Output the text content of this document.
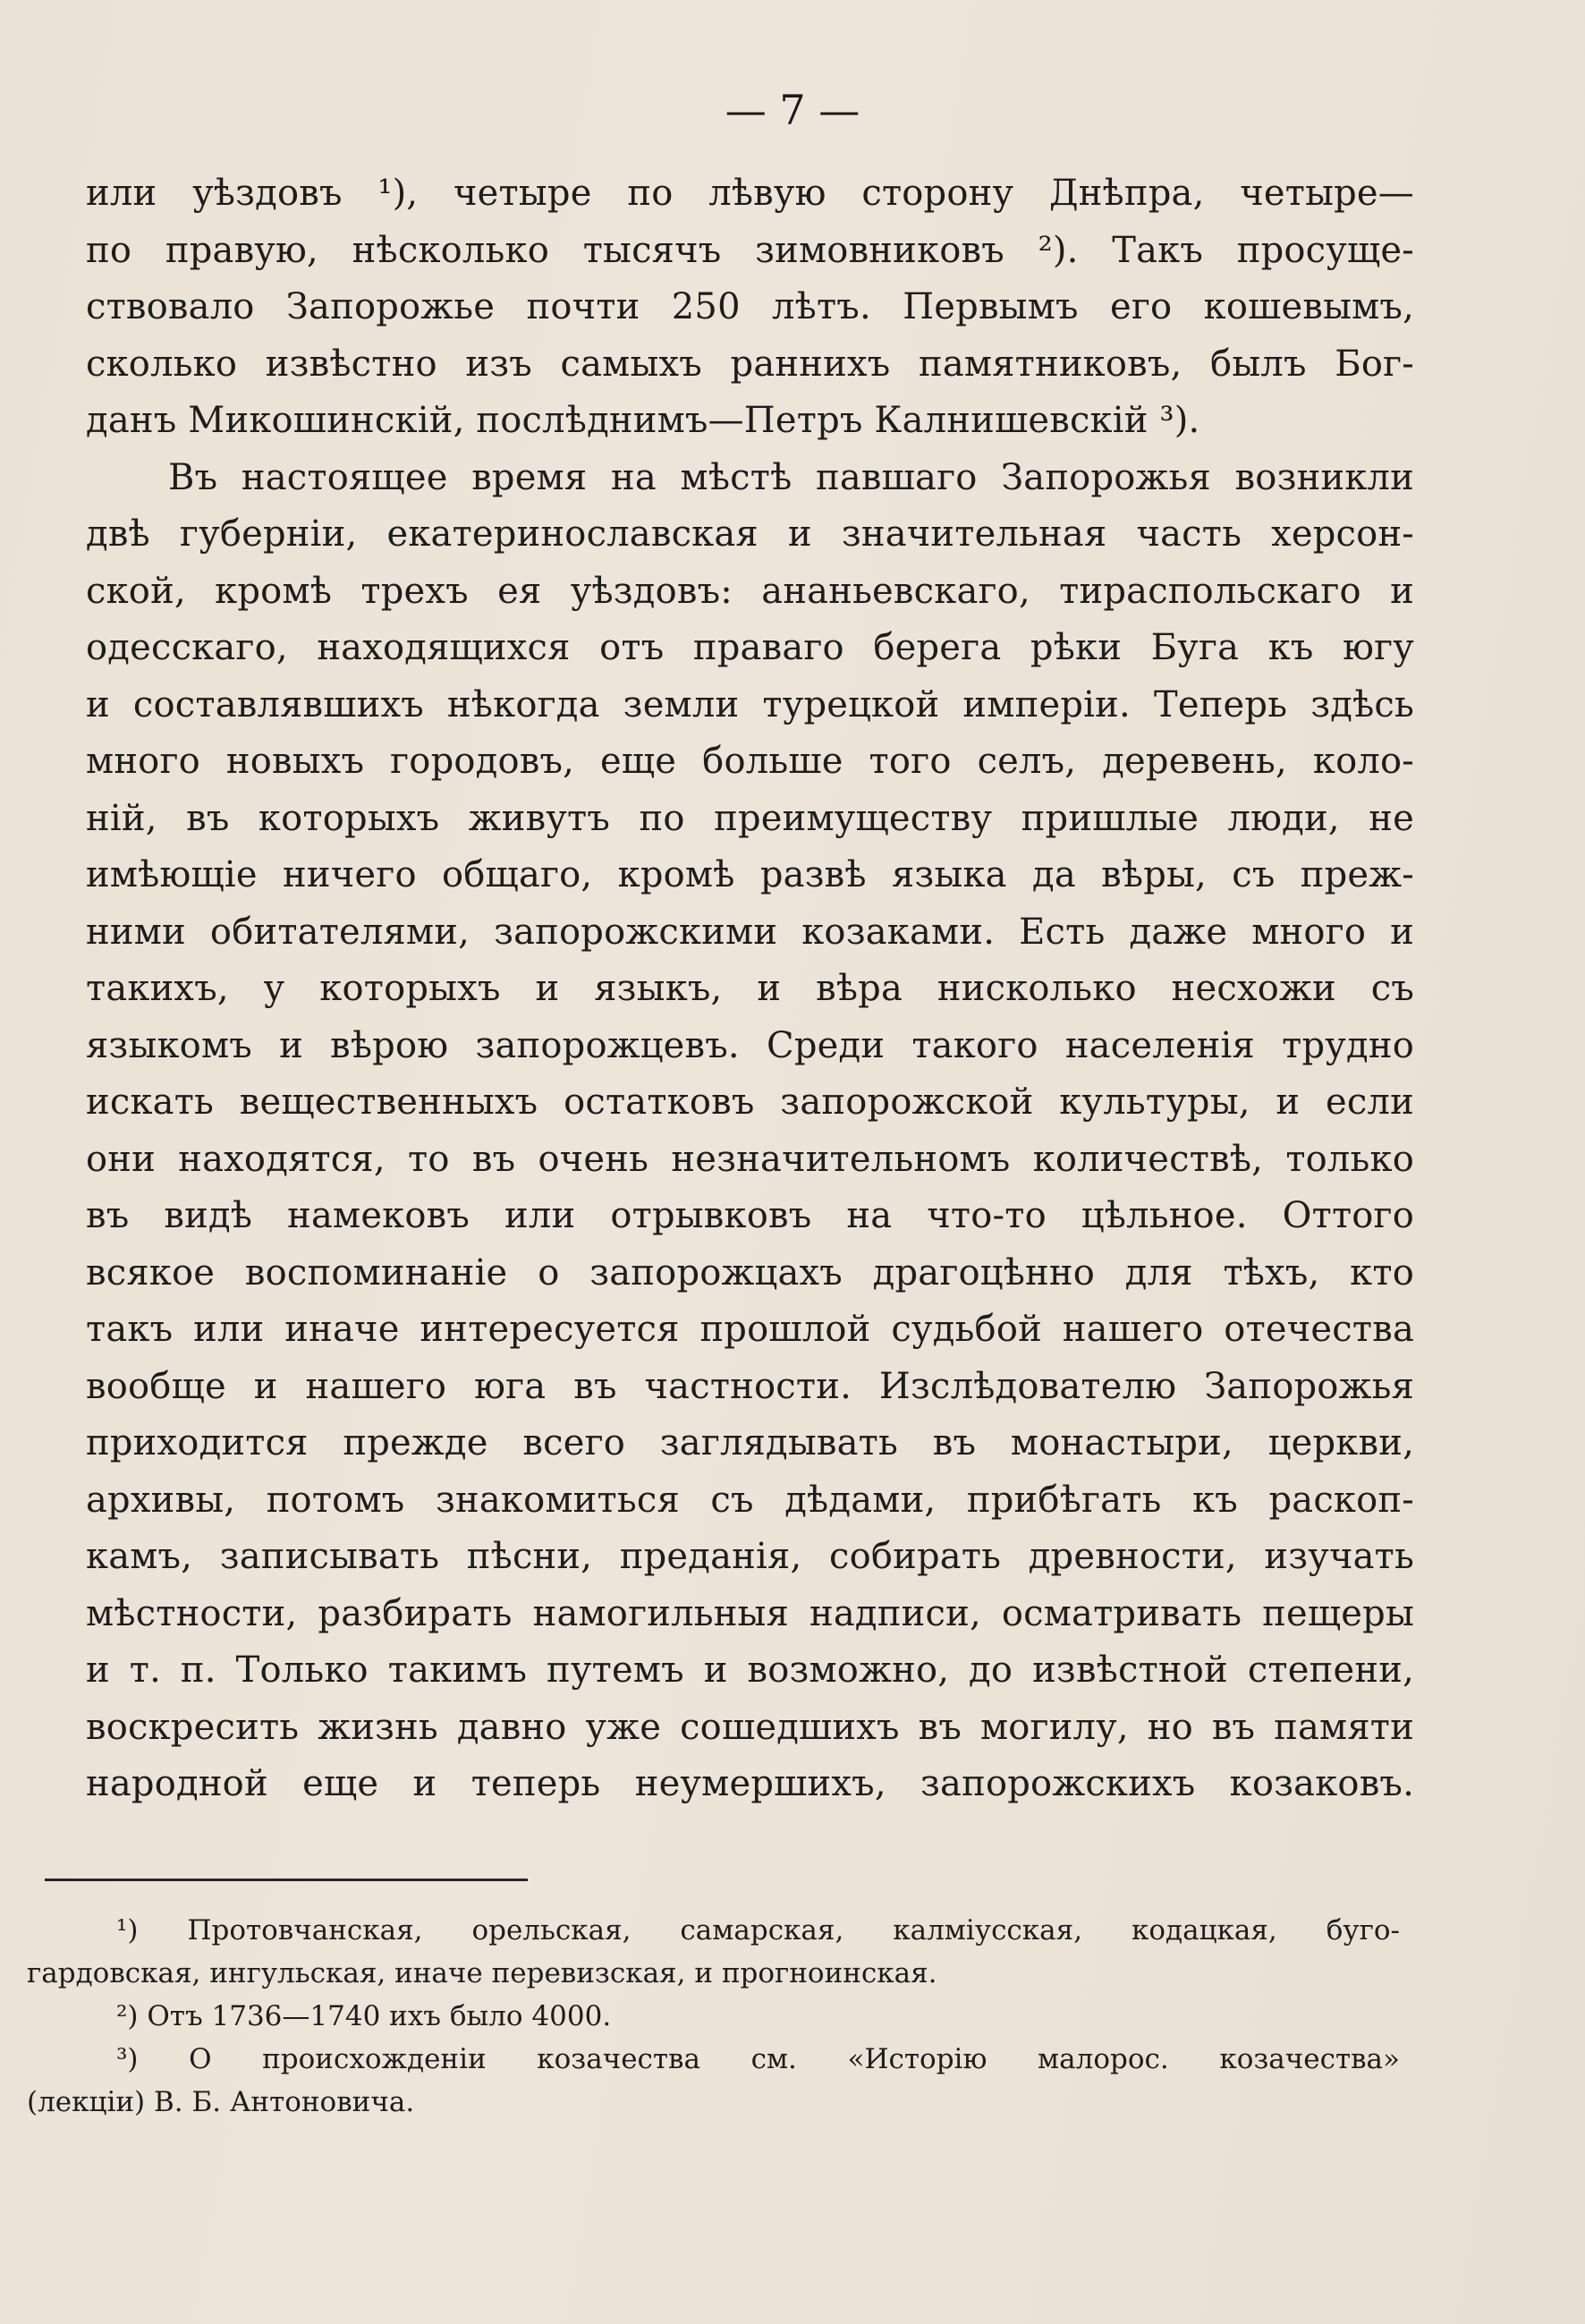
— 7 —
или уѣздовъ ¹), четыре по лѣвую сторону Днѣпра, четыре—
по правую, нѣсколько тысячъ зимовниковъ ²). Такъ просуще-
ствовало Запорожье почти 250 лѣтъ. Первымъ его кошевымъ,
сколько извѣстно изъ самыхъ раннихъ памятниковъ, былъ Бог-
данъ Микошинскій, послѣднимъ—Петръ Калнишевскій ³).
Въ настоящее время на мѣстѣ павшаго Запорожья возникли
двѣ губерніи, екатеринославская и значительная часть херсон-
ской, кромѣ трехъ ея уѣздовъ: ананьевскаго, тираспольскаго и
одесскаго, находящихся отъ праваго берега рѣки Буга къ югу
и составлявшихъ нѣкогда земли турецкой имперіи. Теперь здѣсь
много новыхъ городовъ, еще больше того селъ, деревень, коло-
ній, въ которыхъ живутъ по преимуществу пришлые люди, не
имѣющіе ничего общаго, кромѣ развѣ языка да вѣры, съ преж-
ними обитателями, запорожскими козаками. Есть даже много и
такихъ, у которыхъ и языкъ, и вѣра нисколько несхожи съ
языкомъ и вѣрою запорожцевъ. Среди такого населенія трудно
искать вещественныхъ остатковъ запорожской культуры, и если
они находятся, то въ очень незначительномъ количествѣ, только
въ видѣ намековъ или отрывковъ на что-то цѣльное. Оттого
всякое воспоминаніе о запорожцахъ драгоцѣнно для тѣхъ, кто
такъ или иначе интересуется прошлой судьбой нашего отечества
вообще и нашего юга въ частности. Изслѣдователю Запорожья
приходится прежде всего заглядывать въ монастыри, церкви,
архивы, потомъ знакомиться съ дѣдами, прибѣгать къ раскоп-
камъ, записывать пѣсни, преданія, собирать древности, изучать
мѣстности, разбирать намогильныя надписи, осматривать пещеры
и т. п. Только такимъ путемъ и возможно, до извѣстной степени,
воскресить жизнь давно уже сошедшихъ въ могилу, но въ памяти
народной еще и теперь неумершихъ, запорожскихъ козаковъ.
¹) Протовчанская, орельская, самарская, калміусская, кодацкая, буго-
гардовская, ингульская, иначе перевизская, и прогноинская.
²) Отъ 1736—1740 ихъ было 4000.
³) О происхожденіи козачества см. «Исторію малорос. козачества»
(лекціи) В. Б. Антоновича.
